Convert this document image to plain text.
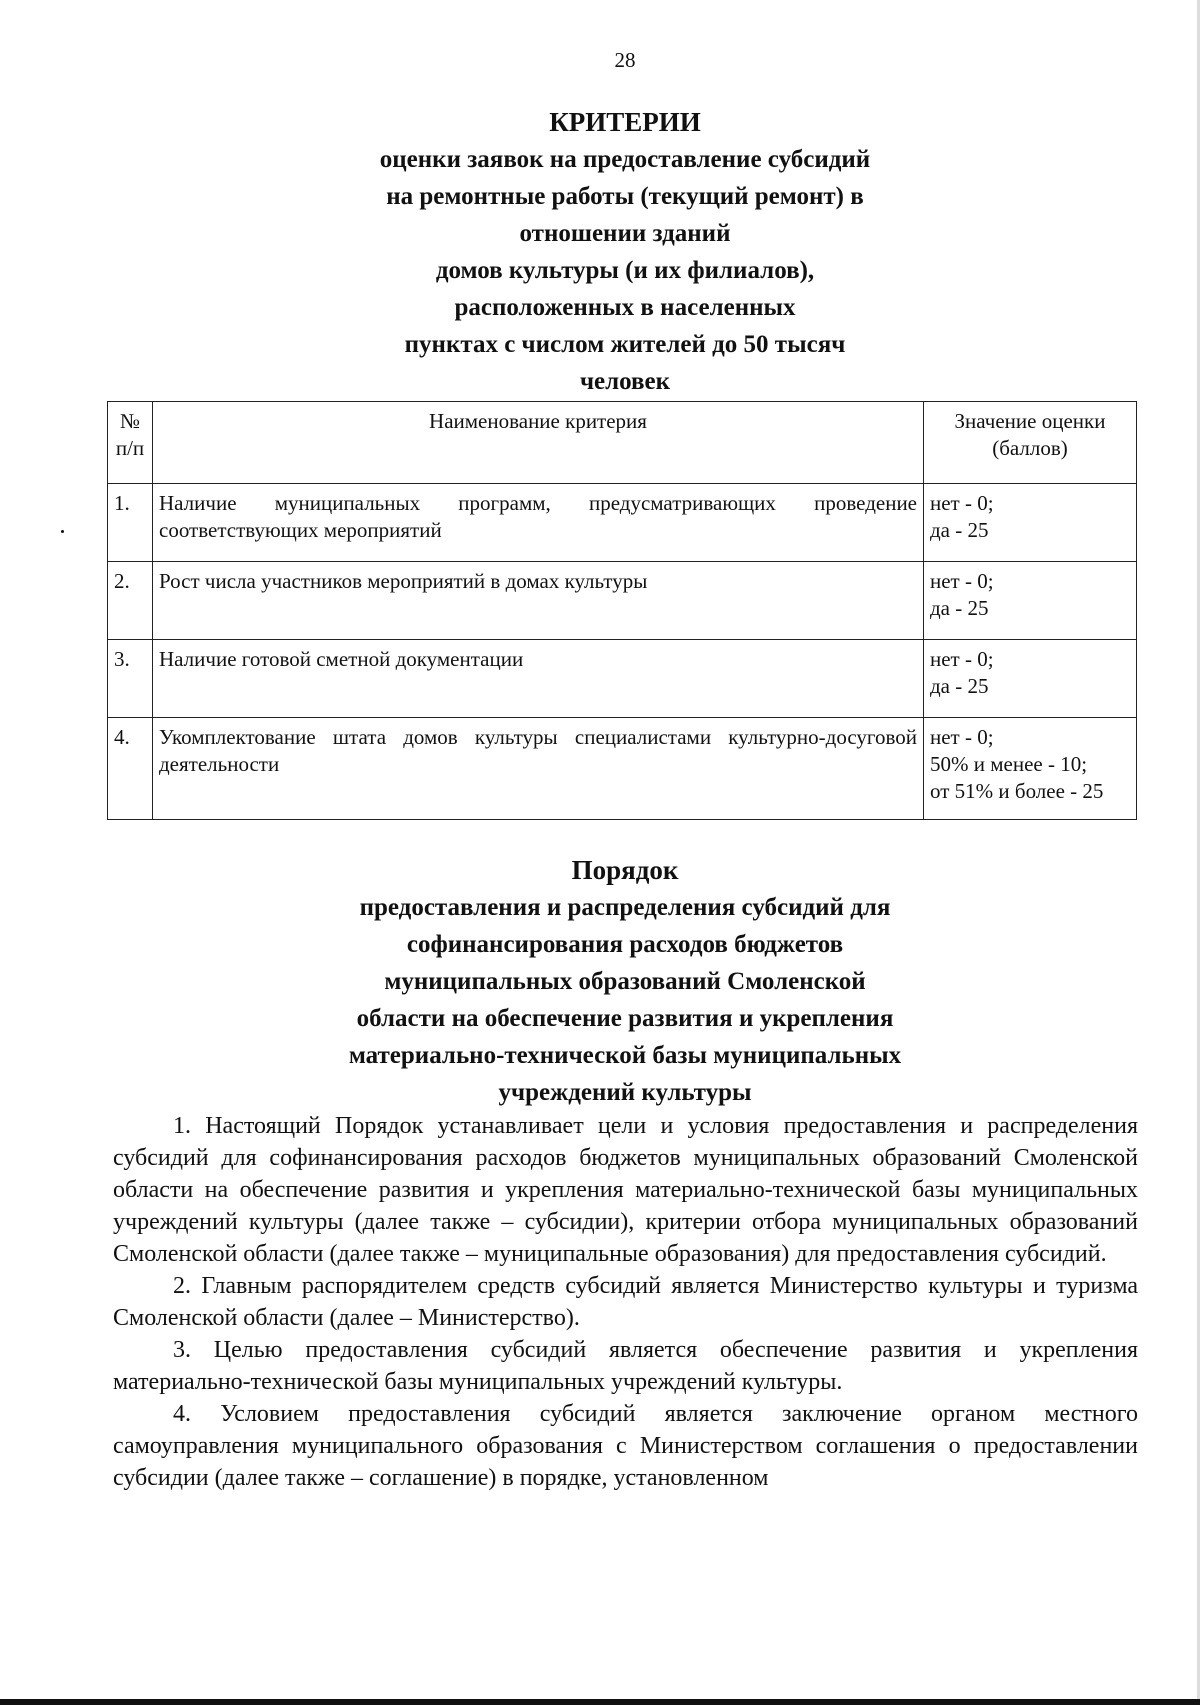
28
КРИТЕРИИ
оценки заявок на предоставление субсидий
на ремонтные работы (текущий ремонт) в
отношении зданий
домов культуры (и их филиалов),
расположенных в населенных
пунктах с числом жителей до 50 тысяч
человек
№ п/п	Наименование критерия	Значение оценки (баллов)
1.	Наличие муниципальных программ, предусматривающих проведение соответствующих мероприятий	нет - 0;
да - 25

2.	Рост числа участников мероприятий в домах культуры	нет - 0;
да - 25

3.	Наличие готовой сметной документации	нет - 0;
да - 25

4.	Укомплектование штата домов культуры специалистами культурно-досуговой деятельности	нет - 0;
50% и менее - 10;
от 51% и более - 25
Порядок
предоставления и распределения субсидий для
софинансирования расходов бюджетов
муниципальных образований Смоленской
области на обеспечение развития и укрепления
материально-технической базы муниципальных
учреждений культуры

1. Настоящий Порядок устанавливает цели и условия предоставления и распределения субсидий для софинансирования расходов бюджетов муниципальных образований Смоленской области на обеспечение развития и укрепления материально-технической базы муниципальных учреждений культуры (далее также – субсидии), критерии отбора муниципальных образований Смоленской области (далее также – муниципальные образования) для предоставления субсидий.

2. Главным распорядителем средств субсидий является Министерство культуры и туризма Смоленской области (далее – Министерство).

3. Целью предоставления субсидий является обеспечение развития и укрепления материально-технической базы муниципальных учреждений культуры.

4. Условием предоставления субсидий является заключение органом местного самоуправления муниципального образования с Министерством соглашения о предоставлении субсидии (далее также – соглашение) в порядке, установленном
